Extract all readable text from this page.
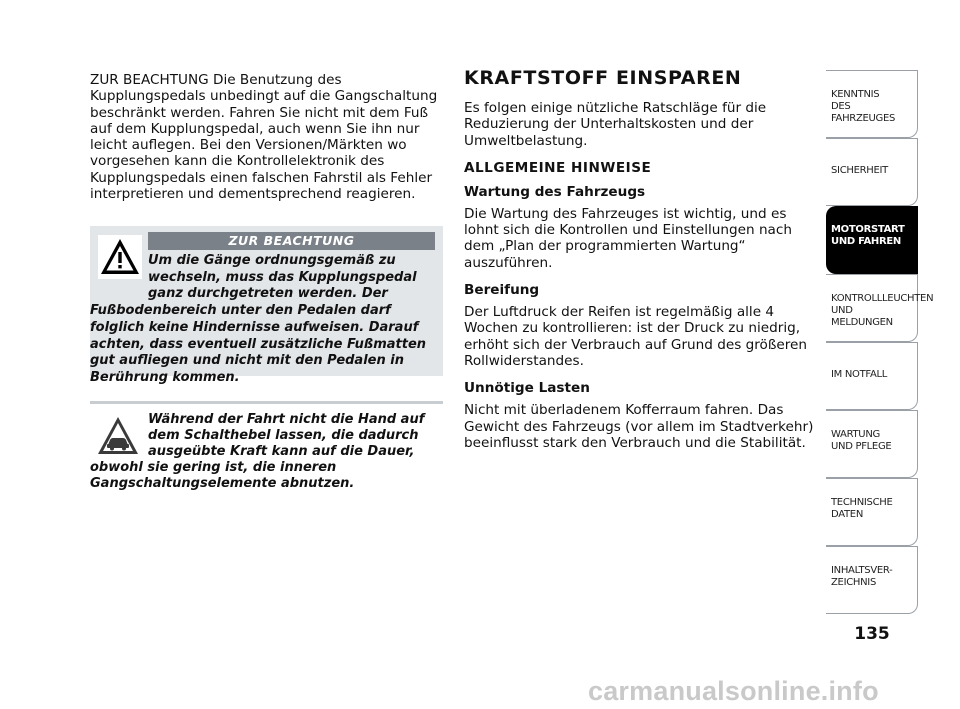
ZUR BEACHTUNG Die Benutzung des Kupplungspedals unbedingt auf die Gangschaltung beschränkt werden. Fahren Sie nicht mit dem Fuß auf dem Kupplungspedal, auch wenn Sie ihn nur leicht auflegen. Bei den Versionen/Märkten wo vorgesehen kann die Kontrollelektronik des Kupplungspedals einen falschen Fahrstil als Fehler interpretieren und dementsprechend reagieren.

ZUR BEACHTUNG

Um die Gänge ordnungsgemäß zu wechseln, muss das Kupplungspedal ganz durchgetreten werden. Der Fußbodenbereich unter den Pedalen darf folglich keine Hindernisse aufweisen. Darauf achten, dass eventuell zusätzliche Fußmatten gut aufliegen und nicht mit den Pedalen in Berührung kommen.

Während der Fahrt nicht die Hand auf dem Schalthebel lassen, die dadurch ausgeübte Kraft kann auf die Dauer, obwohl sie gering ist, die inneren Gangschaltungselemente abnutzen.

KRAFTSTOFF EINSPAREN

Es folgen einige nützliche Ratschläge für die Reduzierung der Unterhaltskosten und der Umweltbelastung.

ALLGEMEINE HINWEISE

Wartung des Fahrzeugs

Die Wartung des Fahrzeuges ist wichtig, und es lohnt sich die Kontrollen und Einstellungen nach dem „Plan der programmierten Wartung“ auszuführen.

Bereifung

Der Luftdruck der Reifen ist regelmäßig alle 4 Wochen zu kontrollieren: ist der Druck zu niedrig, erhöht sich der Verbrauch auf Grund des größeren Rollwiderstandes.

Unnötige Lasten

Nicht mit überladenem Kofferraum fahren. Das Gewicht des Fahrzeugs (vor allem im Stadtverkehr) beeinflusst stark den Verbrauch und die Stabilität.

KENNTNIS
DES FAHRZEUGES
SICHERHEIT
MOTORSTART
UND FAHREN
KONTROLLLEUCHTEN
UND MELDUNGEN
IM NOTFALL
WARTUNG
UND PFLEGE
TECHNISCHE
DATEN
INHALTSVER-
ZEICHNIS
135
carmanualsonline.info
